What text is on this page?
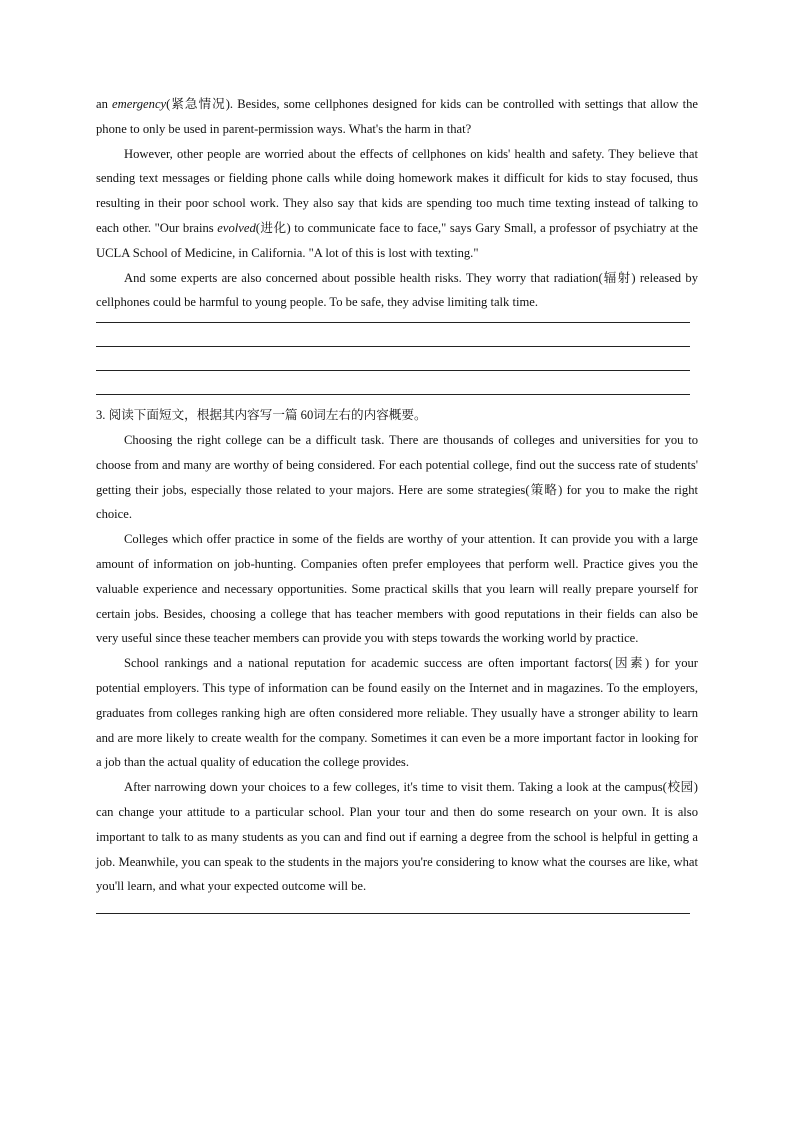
an emergency(紧急情况). Besides, some cellphones designed for kids can be controlled with settings that allow the phone to only be used in parent-permission ways. What's the harm in that?

However, other people are worried about the effects of cellphones on kids' health and safety. They believe that sending text messages or fielding phone calls while doing homework makes it difficult for kids to stay focused, thus resulting in their poor school work. They also say that kids are spending too much time texting instead of talking to each other. "Our brains evolved(进化) to communicate face to face," says Gary Small, a professor of psychiatry at the UCLA School of Medicine, in California. "A lot of this is lost with texting."

And some experts are also concerned about possible health risks. They worry that radiation(辐射) released by cellphones could be harmful to young people. To be safe, they advise limiting talk time.

3. 阅读下面短文，根据其内容写一篇 60词左右的内容概要。

Choosing the right college can be a difficult task. There are thousands of colleges and universities for you to choose from and many are worthy of being considered. For each potential college, find out the success rate of students' getting their jobs, especially those related to your majors. Here are some strategies(策略) for you to make the right choice.

Colleges which offer practice in some of the fields are worthy of your attention. It can provide you with a large amount of information on job-hunting. Companies often prefer employees that perform well. Practice gives you the valuable experience and necessary opportunities. Some practical skills that you learn will really prepare yourself for certain jobs. Besides, choosing a college that has teacher members with good reputations in their fields can also be very useful since these teacher members can provide you with steps towards the working world by practice.

School rankings and a national reputation for academic success are often important factors(因素) for your potential employers. This type of information can be found easily on the Internet and in magazines. To the employers, graduates from colleges ranking high are often considered more reliable. They usually have a stronger ability to learn and are more likely to create wealth for the company. Sometimes it can even be a more important factor in looking for a job than the actual quality of education the college provides.

After narrowing down your choices to a few colleges, it's time to visit them. Taking a look at the campus(校园) can change your attitude to a particular school. Plan your tour and then do some research on your own. It is also important to talk to as many students as you can and find out if earning a degree from the school is helpful in getting a job. Meanwhile, you can speak to the students in the majors you're considering to know what the courses are like, what you'll learn, and what your expected outcome will be.
